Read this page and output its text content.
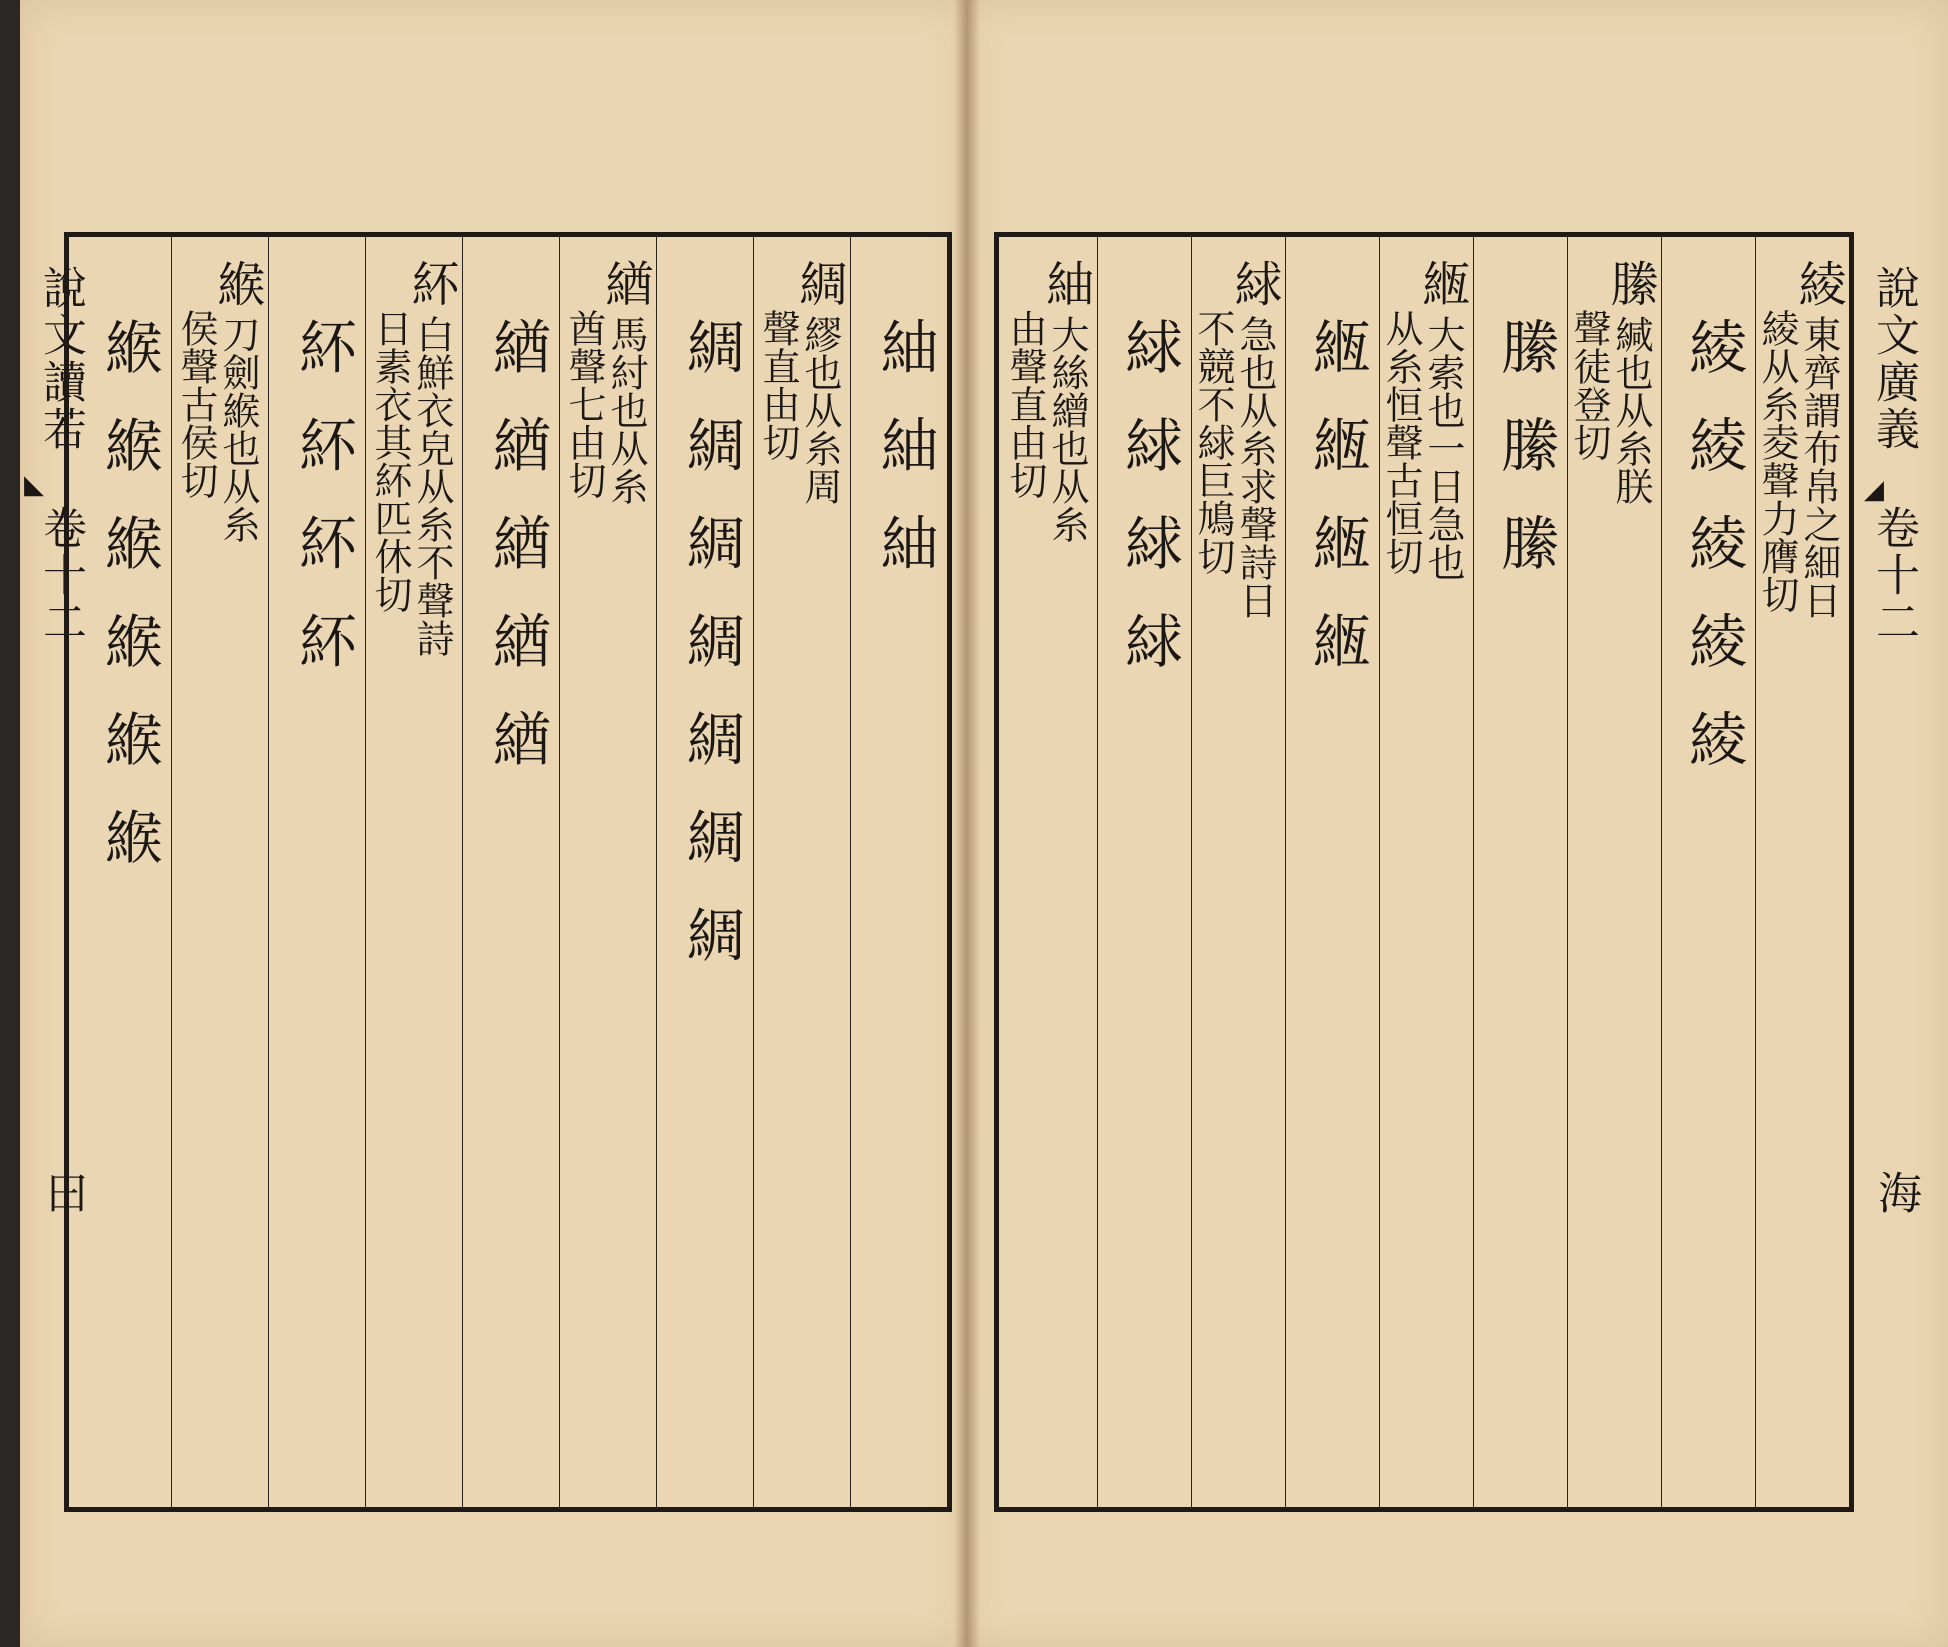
說文讀若
◣
卷十二
曰
紬紬紬
綢
繆也从糸周
聲直由切
綢綢綢綢綢綢綢
緧
馬紂也从糸
酋聲七由切
緧緧緧緧緧
紑
白鮮衣皃从糸不聲詩
日素衣其紑匹休切
紑紑紑紑
緱
刀劍緱也从糸
侯聲古侯切
緱緱緱緱緱緱	說文廣義
◢
卷十二
海
綾
東齊謂布帛之細日
綾从糸夌聲力膺切
綾綾綾綾綾
縢
緘也从糸朕
聲徒登切
縢縢縢
緪
大索也一日急也
从糸恒聲古恒切
緪緪緪緪
絿
急也从糸求聲詩日
不競不絿巨鳩切
絿絿絿絿
紬
大絲繒也从糸
由聲直由切
